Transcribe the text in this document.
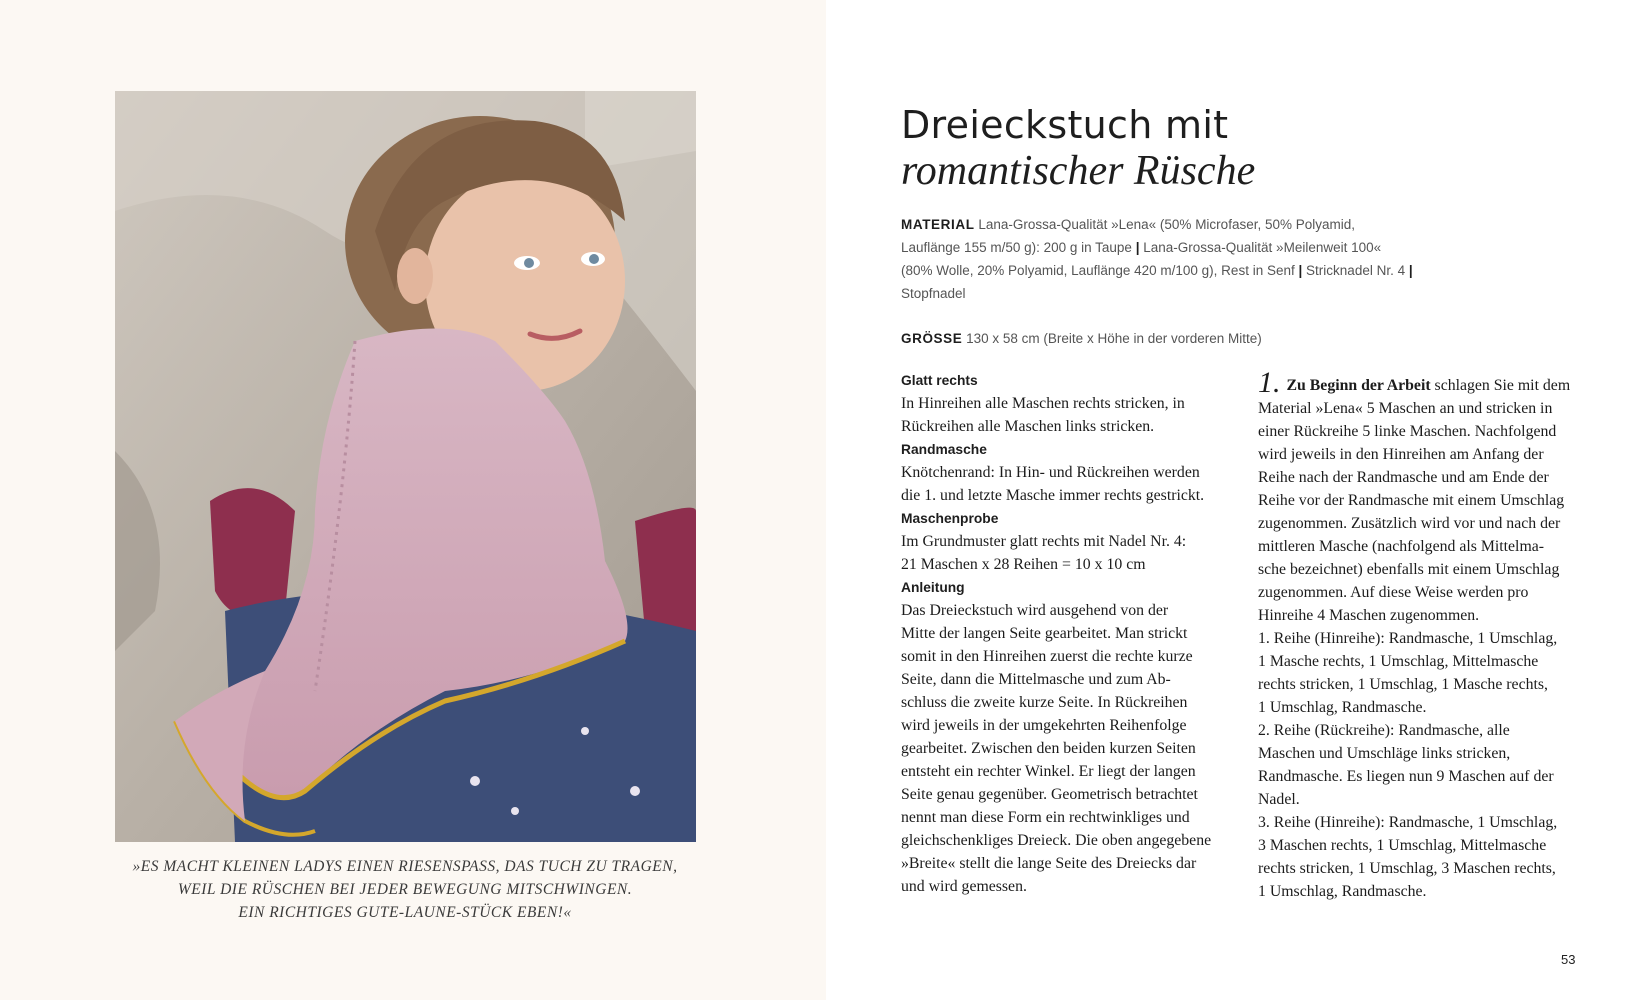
»ES MACHT KLEINEN LADYS EINEN RIESENSPASS, DAS TUCH ZU TRAGEN,
WEIL DIE RÜSCHEN BEI JEDER BEWEGUNG MITSCHWINGEN.
EIN RICHTIGES GUTE-LAUNE-STÜCK EBEN!«
Dreieckstuch mit
romantischer Rüsche
MATERIAL Lana-Grossa-Qualität »Lena« (50% Microfaser, 50% Polyamid,
Lauflänge 155 m/50 g): 200 g in Taupe | Lana-Grossa-Qualität »Meilenweit 100«
(80% Wolle, 20% Polyamid, Lauflänge 420 m/100 g), Rest in Senf | Stricknadel Nr. 4 |
Stopfnadel
GRÖSSE 130 x 58 cm (Breite x Höhe in der vorderen Mitte)
Glatt rechts
In Hinreihen alle Maschen rechts stricken, in
Rückreihen alle Maschen links stricken.
Randmasche
Knötchenrand: In Hin- und Rückreihen werden
die 1. und letzte Masche immer rechts gestrickt.
Maschenprobe
Im Grundmuster glatt rechts mit Nadel Nr. 4:
21 Maschen x 28 Reihen = 10 x 10 cm
Anleitung
Das Dreieckstuch wird ausgehend von der
Mitte der langen Seite gearbeitet. Man strickt
somit in den Hinreihen zuerst die rechte kurze
Seite, dann die Mittelmasche und zum Ab-
schluss die zweite kurze Seite. In Rückreihen
wird jeweils in der umgekehrten Reihenfolge
gearbeitet. Zwischen den beiden kurzen Seiten
entsteht ein rechter Winkel. Er liegt der langen
Seite genau gegenüber. Geometrisch betrachtet
nennt man diese Form ein rechtwinkliges und
gleichschenkliges Dreieck. Die oben angegebene
»Breite« stellt die lange Seite des Dreiecks dar
und wird gemessen.
1. Zu Beginn der Arbeit schlagen Sie mit dem
Material »Lena« 5 Maschen an und stricken in
einer Rückreihe 5 linke Maschen. Nachfolgend
wird jeweils in den Hinreihen am Anfang der
Reihe nach der Randmasche und am Ende der
Reihe vor der Randmasche mit einem Umschlag
zugenommen. Zusätzlich wird vor und nach der
mittleren Masche (nachfolgend als Mittelma-
sche bezeichnet) ebenfalls mit einem Umschlag
zugenommen. Auf diese Weise werden pro
Hinreihe 4 Maschen zugenommen.
1. Reihe (Hinreihe): Randmasche, 1 Umschlag,
1 Masche rechts, 1 Umschlag, Mittelmasche
rechts stricken, 1 Umschlag, 1 Masche rechts,
1 Umschlag, Randmasche.
2. Reihe (Rückreihe): Randmasche, alle
Maschen und Umschläge links stricken,
Randmasche. Es liegen nun 9 Maschen auf der
Nadel.
3. Reihe (Hinreihe): Randmasche, 1 Umschlag,
3 Maschen rechts, 1 Umschlag, Mittelmasche
rechts stricken, 1 Umschlag, 3 Maschen rechts,
1 Umschlag, Randmasche.
53
